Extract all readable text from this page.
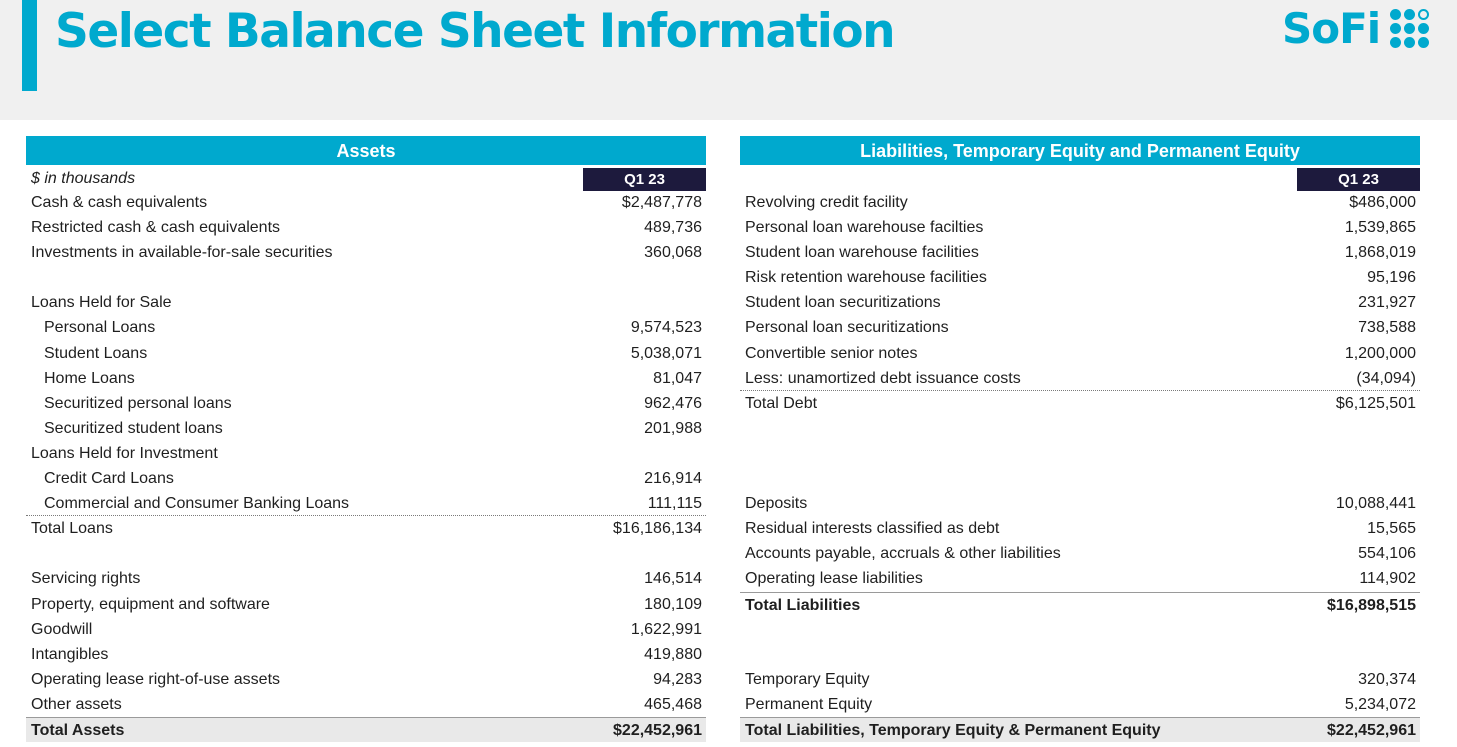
Select Balance Sheet Information	SoFi
Assets
$ in thousands	Q1 23
Cash & cash equivalents	$2,487,778
Restricted cash & cash equivalents	489,736
Investments in available-for-sale securities	360,068
Loans Held for Sale
Personal Loans	9,574,523
Student Loans	5,038,071
Home Loans	81,047
Securitized personal loans	962,476
Securitized student loans	201,988
Loans Held for Investment
Credit Card Loans	216,914
Commercial and Consumer Banking Loans	111,115
Total Loans	$16,186,134
Servicing rights	146,514
Property, equipment and software	180,109
Goodwill	1,622,991
Intangibles	419,880
Operating lease right-of-use assets	94,283
Other assets	465,468
Total Assets	$22,452,961
Liabilities, Temporary Equity and Permanent Equity
Q1 23
Revolving credit facility	$486,000
Personal loan warehouse facilties	1,539,865
Student loan warehouse facilities	1,868,019
Risk retention warehouse facilities	95,196
Student loan securitizations	231,927
Personal loan securitizations	738,588
Convertible senior notes	1,200,000
Less: unamortized debt issuance costs	(34,094)
Total Debt	$6,125,501
Deposits	10,088,441
Residual interests classified as debt	15,565
Accounts payable, accruals & other liabilities	554,106
Operating lease liabilities	114,902
Total Liabilities	$16,898,515
Temporary Equity	320,374
Permanent Equity	5,234,072
Total Liabilities, Temporary Equity & Permanent Equity	$22,452,961
